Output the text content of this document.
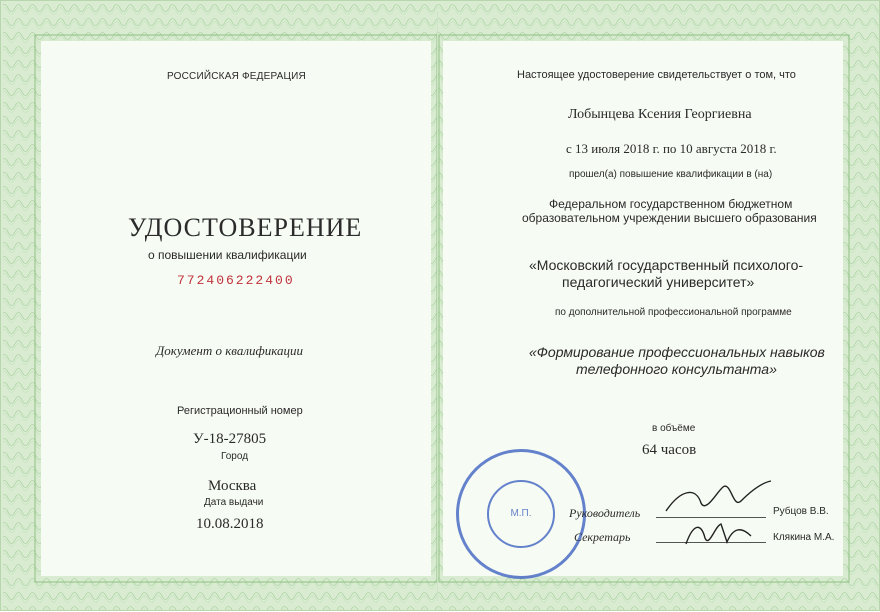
РОССИЙСКАЯ ФЕДЕРАЦИЯ
УДОСТОВЕРЕНИЕ
о повышении квалификации
772406222400
Документ о квалификации
Регистрационный номер
У-18-27805
Город
Москва
Дата выдачи
10.08.2018
Настоящее удостоверение свидетельствует о том, что
Лобынцева Ксения Георгиевна
с 13 июля 2018 г. по 10 августа 2018 г.
прошел(а) повышение квалификации в (на)
Федеральном государственном бюджетном
образовательном учреждении высшего образования
«Московский государственный психолого-
педагогический университет»
по дополнительной профессиональной программе
«Формирование профессиональных навыков
телефонного консультанта»
в объёме
64 часов
М.П.	Руководитель	Рубцов В.В.
Секретарь	Клякина М.А.
